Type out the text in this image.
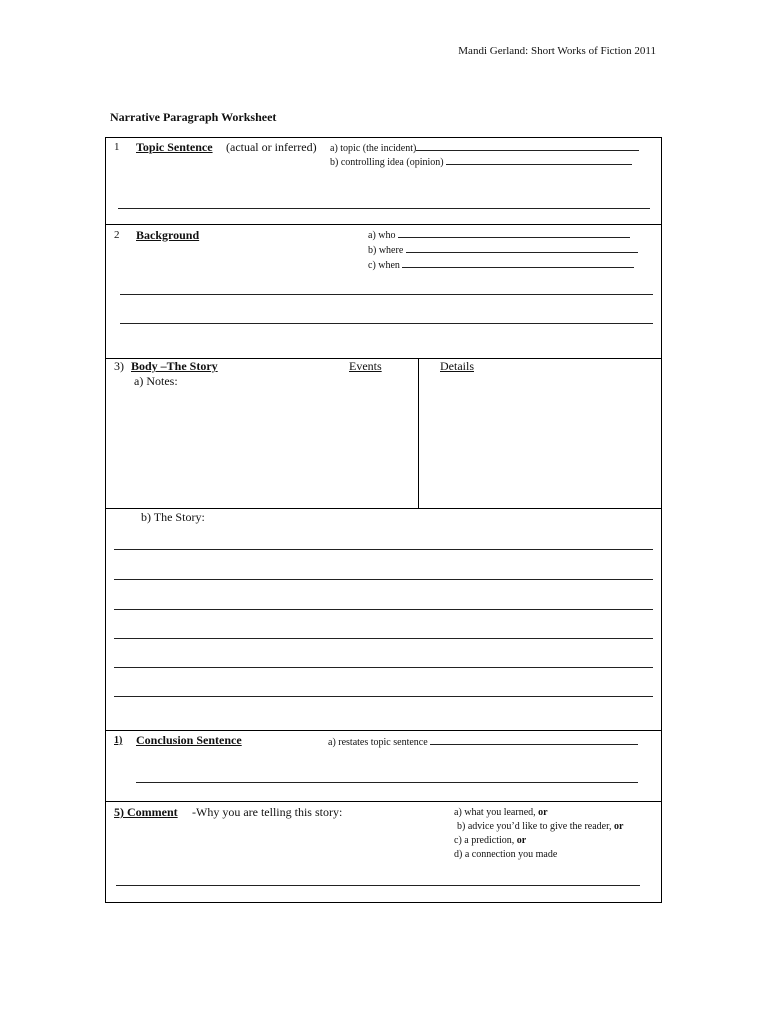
Mandi Gerland: Short Works of Fiction 2011
Narrative Paragraph Worksheet
1 Topic Sentence (actual or inferred) a) topic (the incident)
b) controlling idea (opinion)
2 Background	a) who
b) where
c) when
3) Body –The Story
a) Notes:
Events	Details
b) The Story:
1) Conclusion Sentence	a) restates topic sentence
5) Comment -Why you are telling this story:	a) what you learned, or
b) advice you’d like to give the reader, or
c) a prediction, or
d) a connection you made
